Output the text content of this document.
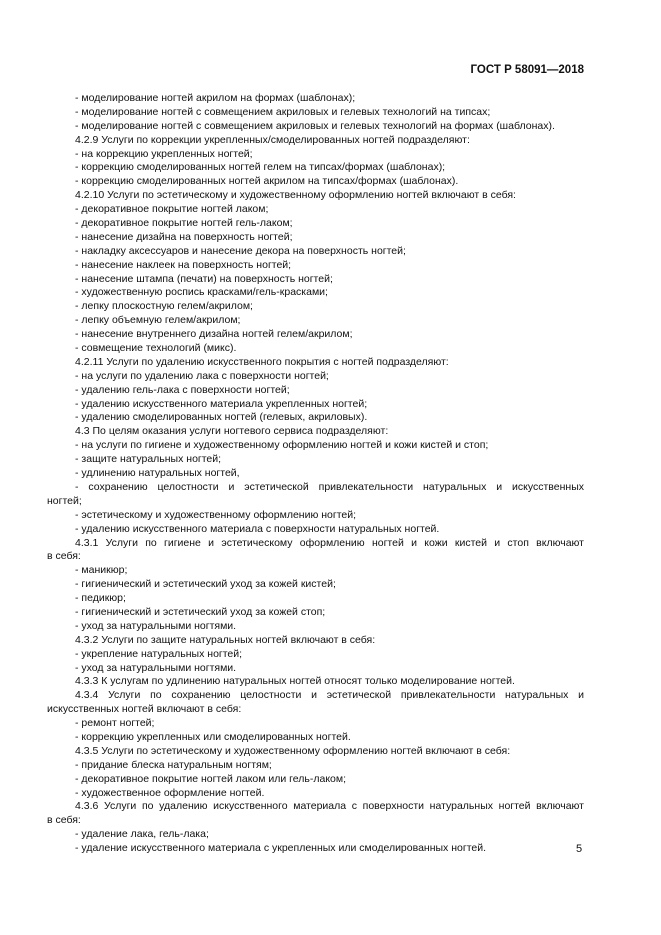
ГОСТ Р 58091—2018
- моделирование ногтей акрилом на формах (шаблонах);
- моделирование ногтей с совмещением акриловых и гелевых технологий на типсах;
- моделирование ногтей с совмещением акриловых и гелевых технологий на формах (шаблонах).
4.2.9 Услуги по коррекции укрепленных/смоделированных ногтей подразделяют:
- на коррекцию укрепленных ногтей;
- коррекцию смоделированных ногтей гелем на типсах/формах (шаблонах);
- коррекцию смоделированных ногтей акрилом на типсах/формах (шаблонах).
4.2.10 Услуги по эстетическому и художественному оформлению ногтей включают в себя:
- декоративное покрытие ногтей лаком;
- декоративное покрытие ногтей гель-лаком;
- нанесение дизайна на поверхность ногтей;
- накладку аксессуаров и нанесение декора на поверхность ногтей;
- нанесение наклеек на поверхность ногтей;
- нанесение штампа (печати) на поверхность ногтей;
- художественную роспись красками/гель-красками;
- лепку плоскостную гелем/акрилом;
- лепку объемную гелем/акрилом;
- нанесение внутреннего дизайна ногтей гелем/акрилом;
- совмещение технологий (микс).
4.2.11 Услуги по удалению искусственного покрытия с ногтей подразделяют:
- на услуги по удалению лака с поверхности ногтей;
- удалению гель-лака с поверхности ногтей;
- удалению искусственного материала укрепленных ногтей;
- удалению смоделированных ногтей (гелевых, акриловых).
4.3 По целям оказания услуги ногтевого сервиса подразделяют:
- на услуги по гигиене и художественному оформлению ногтей и кожи кистей и стоп;
- защите натуральных ногтей;
- удлинению натуральных ногтей,
- сохранению целостности и эстетической привлекательности натуральных и искусственных
ногтей;
- эстетическому и художественному оформлению ногтей;
- удалению искусственного материала с поверхности натуральных ногтей.
4.3.1 Услуги по гигиене и эстетическому оформлению ногтей и кожи кистей и стоп включают
в себя:
- маникюр;
- гигиенический и эстетический уход за кожей кистей;
- педикюр;
- гигиенический и эстетический уход за кожей стоп;
- уход за натуральными ногтями.
4.3.2 Услуги по защите натуральных ногтей включают в себя:
- укрепление натуральных ногтей;
- уход за натуральными ногтями.
4.3.3 К услугам по удлинению натуральных ногтей относят только моделирование ногтей.
4.3.4 Услуги по сохранению целостности и эстетической привлекательности натуральных и
искусственных ногтей включают в себя:
- ремонт ногтей;
- коррекцию укрепленных или смоделированных ногтей.
4.3.5 Услуги по эстетическому и художественному оформлению ногтей включают в себя:
- придание блеска натуральным ногтям;
- декоративное покрытие ногтей лаком или гель-лаком;
- художественное оформление ногтей.
4.3.6 Услуги по удалению искусственного материала с поверхности натуральных ногтей включают
в себя:
- удаление лака, гель-лака;
- удаление искусственного материала с укрепленных или смоделированных ногтей.	5
